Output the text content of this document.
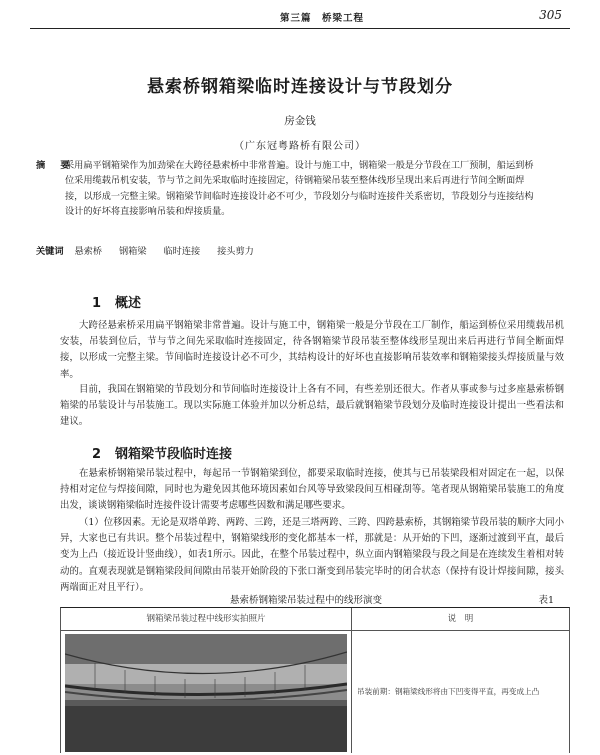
第三篇　桥梁工程	305
悬索桥钢箱梁临时连接设计与节段划分
房金钱
（广东冠粤路桥有限公司）
摘　要
采用扁平钢箱梁作为加劲梁在大跨径悬索桥中非常普遍。设计与施工中，钢箱梁一般是分节段在工厂预制，船运到桥位采用缆载吊机安装，节与节之间先采取临时连接固定，待钢箱梁吊装至整体线形呈现出来后再进行节间全断面焊接，以形成一完整主梁。钢箱梁节间临时连接设计必不可少，节段划分与临时连接件关系密切，节段划分与连接结构设计的好坏将直接影响吊装和焊接质量。
关键词 悬索桥 钢箱梁 临时连接 接头剪力
1 概述
大跨径悬索桥采用扁平钢箱梁非常普遍。设计与施工中，钢箱梁一般是分节段在工厂制作，船运到桥位采用缆载吊机安装，吊装到位后，节与节之间先采取临时连接固定，待各钢箱梁节段吊装至整体线形呈现出来后再进行节间全断面焊接，以形成一完整主梁。节间临时连接设计必不可少，其结构设计的好坏也直接影响吊装效率和钢箱梁接头焊接质量与效率。
目前，我国在钢箱梁的节段划分和节间临时连接设计上各有不同，有些差别还很大。作者从事或参与过多座悬索桥钢箱梁的吊装设计与吊装施工。现以实际施工体验并加以分析总结，最后就钢箱梁节段划分及临时连接设计提出一些看法和建议。
2 钢箱梁节段临时连接
在悬索桥钢箱梁吊装过程中，每起吊一节钢箱梁到位，都要采取临时连接，使其与已吊装梁段相对固定在一起，以保持相对定位与焊接间隙，同时也为避免因其他环境因素如台风等导致梁段间互相碰刮等。笔者现从钢箱梁吊装施工的角度出发，谈谈钢箱梁临时连接件设计需要考虑哪些因数和满足哪些要求。
（1）位移因素。无论是双塔单跨、两跨、三跨，还是三塔两跨、三跨、四跨悬索桥，其钢箱梁节段吊装的顺序大同小异，大家也已有共识。整个吊装过程中，钢箱梁线形的变化都基本一样，那就是：从开始的下凹，逐渐过渡到平直，最后变为上凸（接近设计竖曲线），如表1所示。因此，在整个吊装过程中，纵立面内钢箱梁段与段之间是在连续发生着相对转动的。直观表现就是钢箱梁段间间隙由吊装开始阶段的下张口渐变到吊装完毕时的闭合状态（保持有设计焊接间隙，接头两端面正对且平行）。
悬索桥钢箱梁吊装过程中的线形演变	表1
钢箱梁吊装过程中线形实拍照片	说　明
吊装前期：钢箱梁线形将由下凹变得平直，再变成上凸
